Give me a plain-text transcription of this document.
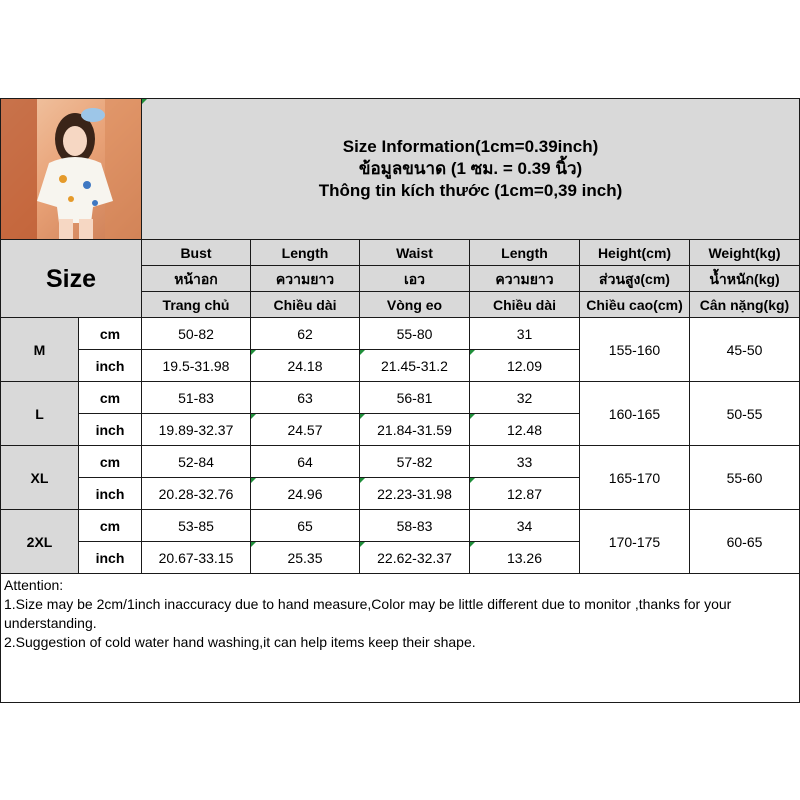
Size Information(1cm=0.39inch)
ข้อมูลขนาด (1 ซม. = 0.39 นิ้ว)
Thông tin kích thước (1cm=0,39 inch)					

Size		Bust	Length	Waist	Length	Height(cm)	Weight(kg)
		หน้าอก	ความยาว	เอว	ความยาว	ส่วนสูง(cm)	น้ำหนัก(kg)
		Trang chủ	Chiều dài	Vòng eo	Chiều dài	Chiều cao(cm)	Cân nặng(kg)
M	cm	50-82	62	55-80	31	155-160	45-50
	inch	19.5-31.98	24.18	21.45-31.2	12.09		
L	cm	51-83	63	56-81	32	160-165	50-55
	inch	19.89-32.37	24.57	21.84-31.59	12.48		
XL	cm	52-84	64	57-82	33	165-170	55-60
	inch	20.28-32.76	24.96	22.23-31.98	12.87		
2XL	cm	53-85	65	58-83	34	170-175	60-65
	inch	20.67-33.15	25.35	22.62-32.37	13.26		

Attention:
1.Size may be 2cm/1inch inaccuracy due to hand measure,Color may be little different due to monitor ,thanks for your understanding.
2.Suggestion of cold water hand washing,it can help items keep their shape.							
